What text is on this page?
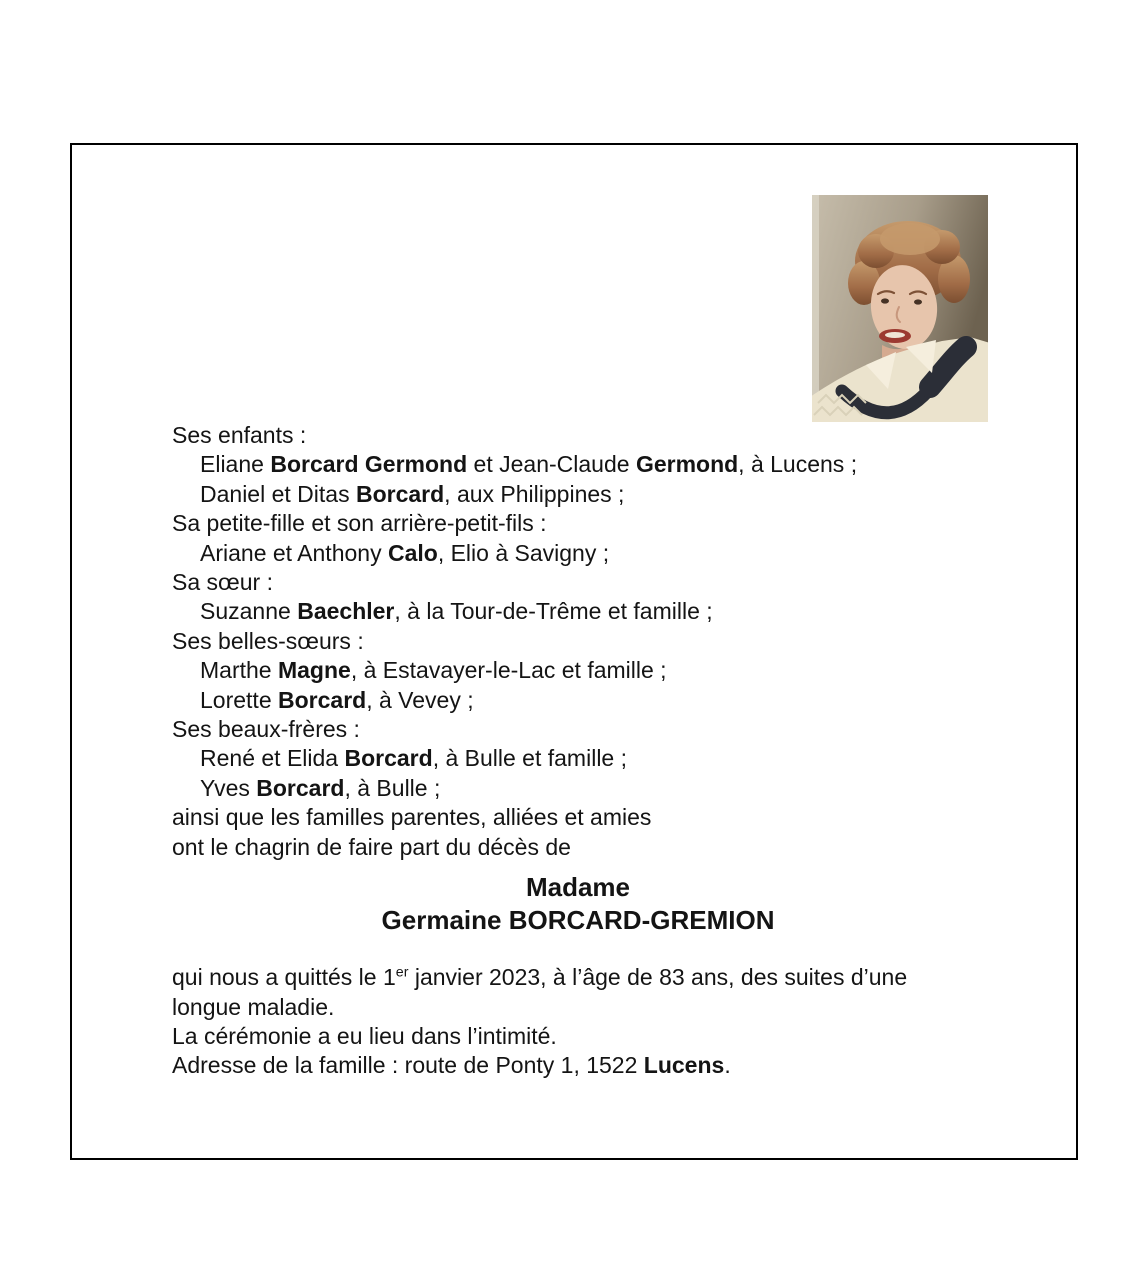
Ses enfants :
Eliane Borcard Germond et Jean-Claude Germond, à Lucens ;
Daniel et Ditas Borcard, aux Philippines ;
Sa petite-fille et son arrière-petit-fils :
Ariane et Anthony Calo, Elio à Savigny ;
Sa sœur :
Suzanne Baechler, à la Tour-de-Trême et famille ;
Ses belles-sœurs :
Marthe Magne, à Estavayer-le-Lac et famille ;
Lorette Borcard, à Vevey ;
Ses beaux-frères :
René et Elida Borcard, à Bulle et famille ;
Yves Borcard, à Bulle ;
ainsi que les familles parentes, alliées et amies
ont le chagrin de faire part du décès de
Madame
Germaine BORCARD-GREMION
qui nous a quittés le 1er janvier 2023, à l’âge de 83 ans, des suites d’une
longue maladie.
La cérémonie a eu lieu dans l’intimité.
Adresse de la famille : route de Ponty 1, 1522 Lucens.
